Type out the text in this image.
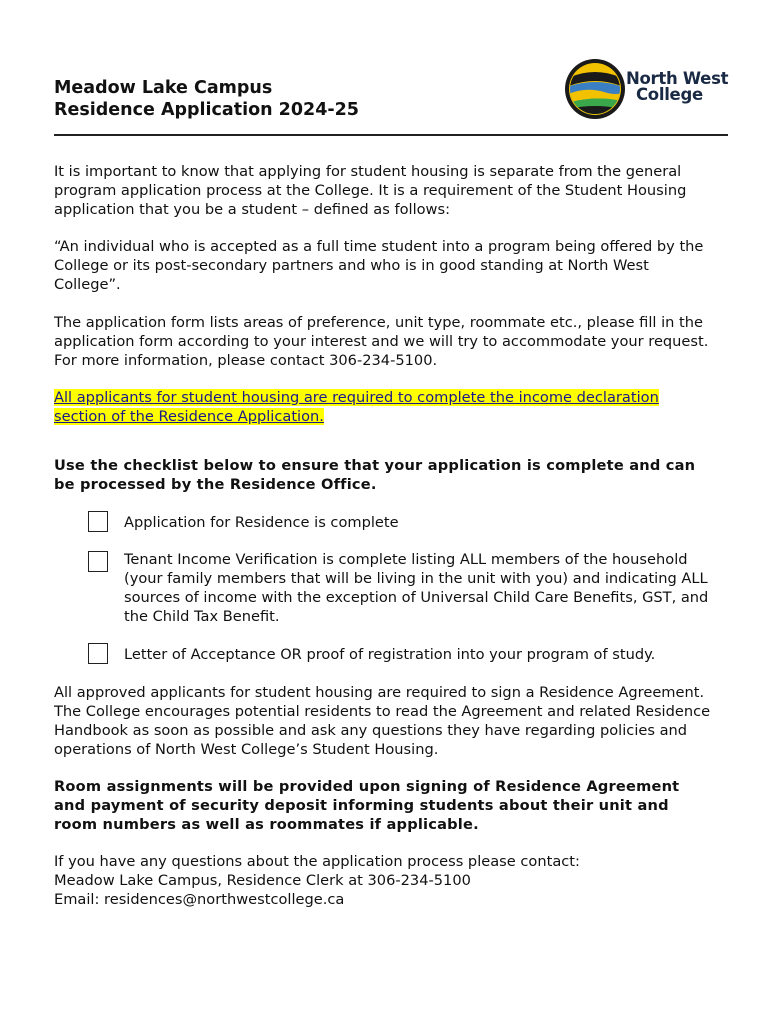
Meadow Lake Campus
Residence Application 2024-25
North West
College
It is important to know that applying for student housing is separate from the general program application process at the College. It is a requirement of the Student Housing application that you be a student – defined as follows:
“An individual who is accepted as a full time student into a program being offered by the College or its post-secondary partners and who is in good standing at North West College”.
The application form lists areas of preference, unit type, roommate etc., please fill in the application form according to your interest and we will try to accommodate your request. For more information, please contact 306-234-5100.
All applicants for student housing are required to complete the income declaration section of the Residence Application.
Use the checklist below to ensure that your application is complete and can be processed by the Residence Office.
Application for Residence is complete
Tenant Income Verification is complete listing ALL members of the household (your family members that will be living in the unit with you) and indicating ALL sources of income with the exception of Universal Child Care Benefits, GST, and the Child Tax Benefit.
Letter of Acceptance OR proof of registration into your program of study.
All approved applicants for student housing are required to sign a Residence Agreement. The College encourages potential residents to read the Agreement and related Residence Handbook as soon as possible and ask any questions they have regarding policies and operations of North West College’s Student Housing.
Room assignments will be provided upon signing of Residence Agreement and payment of security deposit informing students about their unit and room numbers as well as roommates if applicable.
If you have any questions about the application process please contact:
Meadow Lake Campus, Residence Clerk at 306-234-5100
Email: residences@northwestcollege.ca
